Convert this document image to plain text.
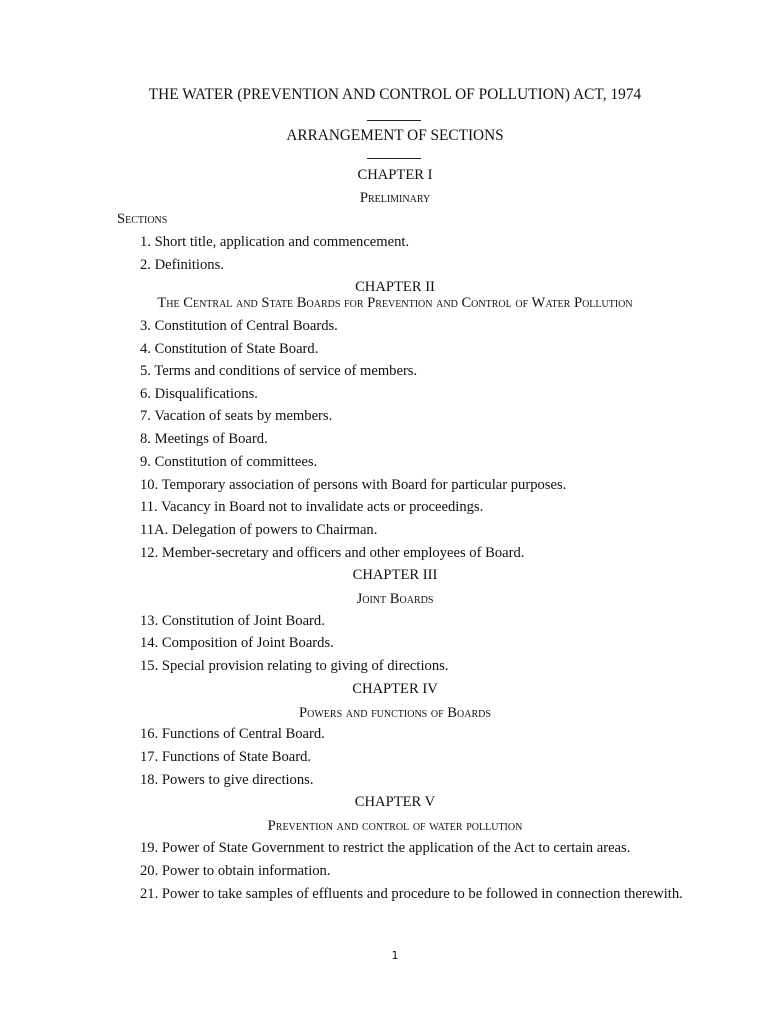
THE WATER (PREVENTION AND CONTROL OF POLLUTION) ACT, 1974
ARRANGEMENT OF SECTIONS
CHAPTER I
Preliminary
Sections
1. Short title, application and commencement.
2. Definitions.
CHAPTER II
The Central and State Boards for Prevention and Control of Water Pollution
3. Constitution of Central Boards.
4. Constitution of State Board.
5. Terms and conditions of service of members.
6. Disqualifications.
7. Vacation of seats by members.
8. Meetings of Board.
9. Constitution of committees.
10. Temporary association of persons with Board for particular purposes.
11. Vacancy in Board not to invalidate acts or proceedings.
11A. Delegation of powers to Chairman.
12. Member-secretary and officers and other employees of Board.
CHAPTER III
Joint Boards
13. Constitution of Joint Board.
14. Composition of Joint Boards.
15. Special provision relating to giving of directions.
CHAPTER IV
Powers and functions of Boards
16. Functions of Central Board.
17. Functions of State Board.
18. Powers to give directions.
CHAPTER V
Prevention and control of water pollution
19. Power of State Government to restrict the application of the Act to certain areas.
20. Power to obtain information.
21. Power to take samples of effluents and procedure to be followed in connection therewith.
1
